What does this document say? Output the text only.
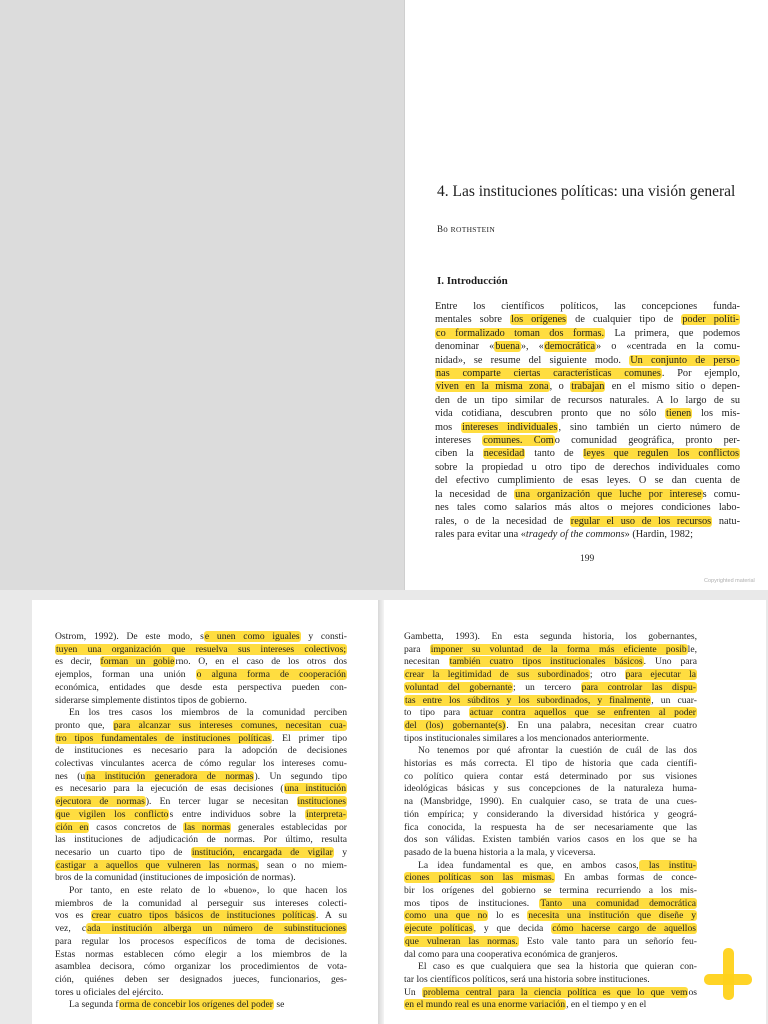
4. Las instituciones políticas: una visión general
Bo ROTHSTEIN
I. Introducción
Entre los científicos políticos, las concepciones funda-
mentales sobre los orígenes de cualquier tipo de poder políti-
co formalizado toman dos formas. La primera, que podemos
denominar «buena», «democrática» o «centrada en la comu-
nidad», se resume del siguiente modo. Un conjunto de perso-
nas comparte ciertas características comunes. Por ejemplo,
viven en la misma zona, o trabajan en el mismo sitio o depen-
den de un tipo similar de recursos naturales. A lo largo de su
vida cotidiana, descubren pronto que no sólo tienen los mis-
mos intereses individuales, sino también un cierto número de
intereses comunes. Como comunidad geográfica, pronto per-
ciben la necesidad tanto de leyes que regulen los conflictos
sobre la propiedad u otro tipo de derechos individuales como
del efectivo cumplimiento de esas leyes. O se dan cuenta de
la necesidad de una organización que luche por intereses comu-
nes tales como salarios más altos o mejores condiciones labo-
rales, o de la necesidad de regular el uso de los recursos natu-
rales para evitar una «tragedy of the commons» (Hardin, 1982;
199
Copyrighted material
Ostrom, 1992). De este modo, se unen como iguales y consti-
tuyen una organización que resuelva sus intereses colectivos;
es decir, forman un gobierno. O, en el caso de los otros dos
ejemplos, forman una unión o alguna forma de cooperación
económica, entidades que desde esta perspectiva pueden con-
siderarse simplemente distintos tipos de gobierno.
En los tres casos los miembros de la comunidad perciben
pronto que, para alcanzar sus intereses comunes, necesitan cua-
tro tipos fundamentales de instituciones políticas. El primer tipo
de instituciones es necesario para la adopción de decisiones
colectivas vinculantes acerca de cómo regular los intereses comu-
nes (una institución generadora de normas). Un segundo tipo
es necesario para la ejecución de esas decisiones (una institución
ejecutora de normas). En tercer lugar se necesitan instituciones
que vigilen los conflictos entre individuos sobre la interpreta-
ción en casos concretos de las normas generales establecidas por
las instituciones de adjudicación de normas. Por último, resulta
necesario un cuarto tipo de institución, encargada de vigilar y
castigar a aquellos que vulneren las normas, sean o no miem-
bros de la comunidad (instituciones de imposición de normas).
Por tanto, en este relato de lo «bueno», lo que hacen los
miembros de la comunidad al perseguir sus intereses colecti-
vos es crear cuatro tipos básicos de instituciones políticas. A su
vez, cada institución alberga un número de subinstituciones
para regular los procesos específicos de toma de decisiones.
Estas normas establecen cómo elegir a los miembros de la
asamblea decisora, cómo organizar los procedimientos de vota-
ción, quiénes deben ser designados jueces, funcionarios, ges-
tores u oficiales del ejército.
La segunda forma de concebir los orígenes del poder se
Gambetta, 1993). En esta segunda historia, los gobernantes,
para imponer su voluntad de la forma más eficiente posible,
necesitan también cuatro tipos institucionales básicos. Uno para
crear la legitimidad de sus subordinados; otro para ejecutar la
voluntad del gobernante; un tercero para controlar las dispu-
tas entre los súbditos y los subordinados, y finalmente, un cuar-
to tipo para actuar contra aquellos que se enfrenten al poder
del (los) gobernante(s). En una palabra, necesitan crear cuatro
tipos institucionales similares a los mencionados anteriormente.
No tenemos por qué afrontar la cuestión de cuál de las dos
historias es más correcta. El tipo de historia que cada científi-
co político quiera contar está determinado por sus visiones
ideológicas básicas y sus concepciones de la naturaleza huma-
na (Mansbridge, 1990). En cualquier caso, se trata de una cues-
tión empírica; y considerando la diversidad histórica y geográ-
fica conocida, la respuesta ha de ser necesariamente que las
dos son válidas. Existen también varios casos en los que se ha
pasado de la buena historia a la mala, y viceversa.
La idea fundamental es que, en ambos casos, las institu-
ciones políticas son las mismas. En ambas formas de conce-
bir los orígenes del gobierno se termina recurriendo a los mis-
mos tipos de instituciones. Tanto una comunidad democrática
como una que no lo es necesita una institución que diseñe y
ejecute políticas, y que decida cómo hacerse cargo de aquellos
que vulneran las normas. Esto vale tanto para un señorío feu-
dal como para una cooperativa económica de granjeros.
El caso es que cualquiera que sea la historia que quieran con-
tar los científicos políticos, será una historia sobre instituciones.
Un problema central para la ciencia política es que lo que vemos
en el mundo real es una enorme variación, en el tiempo y en el
